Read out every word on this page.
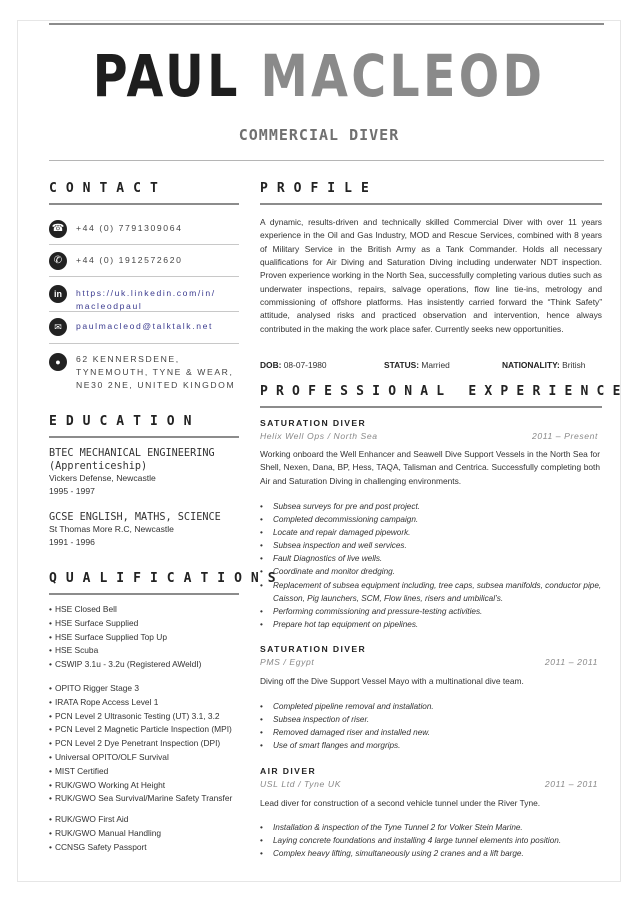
PAUL MACLEOD
COMMERCIAL DIVER
CONTACT
☎	+44 (0) 7791309064
✆	+44 (0) 1912572620
in	https://uk.linkedin.com/in/
macleodpaul
✉	paulmacleod@talktalk.net
●	62 KENNERSDENE,
TYNEMOUTH, TYNE & WEAR,
NE30 2NE, UNITED KINGDOM
EDUCATION
BTEC MECHANICAL ENGINEERING
(Apprenticeship)
Vickers Defense, Newcastle
1995 - 1997
GCSE ENGLISH, MATHS, SCIENCE
St Thomas More R.C, Newcastle
1991 - 1996
QUALIFICATIONS
• HSE Closed Bell
• HSE Surface Supplied
• HSE Surface Supplied Top Up
• HSE Scuba
• CSWIP 3.1u - 3.2u (Registered AWeldI)
• OPITO Rigger Stage 3
• IRATA Rope Access Level 1
• PCN Level 2 Ultrasonic Testing (UT) 3.1, 3.2
• PCN Level 2 Magnetic Particle Inspection (MPI)
• PCN Level 2 Dye Penetrant Inspection (DPI)
• Universal OPITO/OLF Survival
• MIST Certified
• RUK/GWO Working At Height
• RUK/GWO Sea Survival/Marine Safety Transfer
• RUK/GWO First Aid
• RUK/GWO Manual Handling
• CCNSG Safety Passport
PROFILE
A dynamic, results-driven and technically skilled Commercial Diver with over 11 years experience in the Oil and Gas Industry, MOD and Rescue Services, combined with 8 years of Military Service in the British Army as a Tank Commander. Holds all necessary qualifications for Air Diving and Saturation Diving including underwater NDT inspection. Proven experience working in the North Sea, successfully completing various duties such as underwater inspections, repairs, salvage operations, flow line tie-ins, metrology and commissioning of offshore platforms. Has insistently carried forward the “Think Safety” attitude, analysed risks and practiced observation and intervention, hence always contributed in the making the work place safer. Currently seeks new opportunities.
DOB: 08-07-1980	STATUS: Married	NATIONALITY: British
PROFESSIONAL EXPERIENCE
SATURATION DIVER
Helix Well Ops / North Sea	2011 – Present
Working onboard the Well Enhancer and Seawell Dive Support Vessels in the North Sea for Shell, Nexen, Dana, BP, Hess, TAQA, Talisman and Centrica. Successfully completing both Air and Saturation Diving in challenging environments.
• Subsea surveys for pre and post project.
• Completed decommissioning campaign.
• Locate and repair damaged pipework.
• Subsea inspection and well services.
• Fault Diagnostics of live wells.
• Coordinate and monitor dredging.
• Replacement of subsea equipment including, tree caps, subsea manifolds, conductor pipe, Caisson, Pig launchers, SCM, Flow lines, risers and umbilical’s.
• Performing commissioning and pressure-testing activities.
• Prepare hot tap equipment on pipelines.
SATURATION DIVER
PMS / Egypt	2011 – 2011
Diving off the Dive Support Vessel Mayo with a multinational dive team.
• Completed pipeline removal and installation.
• Subsea inspection of riser.
• Removed damaged riser and installed new.
• Use of smart flanges and morgrips.
AIR DIVER
USL Ltd / Tyne UK	2011 – 2011
Lead diver for construction of a second vehicle tunnel under the River Tyne.
• Installation & inspection of the Tyne Tunnel 2 for Volker Stein Marine.
• Laying concrete foundations and installing 4 large tunnel elements into position.
• Complex heavy lifting, simultaneously using 2 cranes and a lift barge.
